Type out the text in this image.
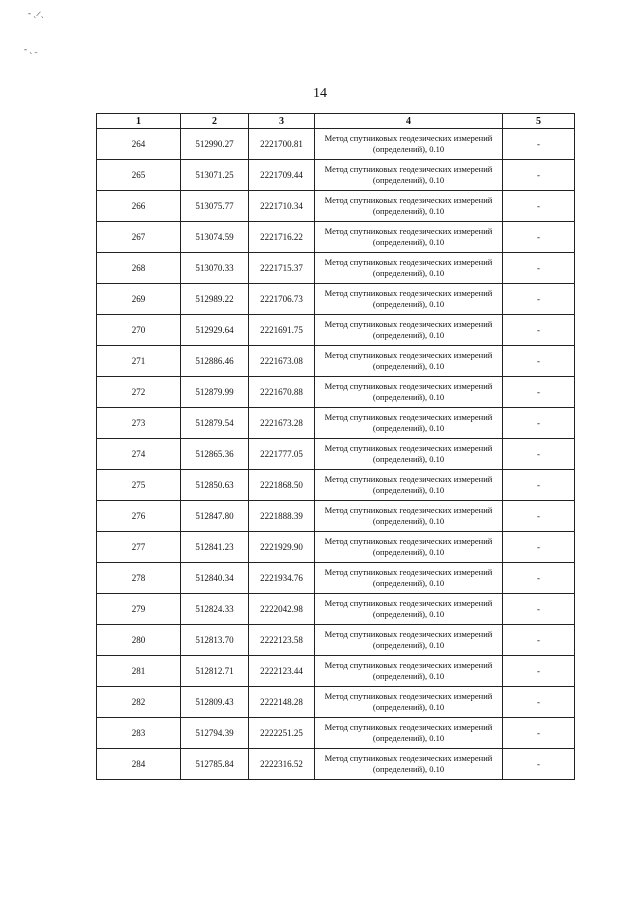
‐ ˏ ̷ ˎ
‐ ˏ ˍ
14
1	2	3	4	5
264	512990.27	2221700.81	Метод спутниковых геодезических измерений (определений), 0.10	-
265	513071.25	2221709.44	Метод спутниковых геодезических измерений (определений), 0.10	-
266	513075.77	2221710.34	Метод спутниковых геодезических измерений (определений), 0.10	-
267	513074.59	2221716.22	Метод спутниковых геодезических измерений (определений), 0.10	-
268	513070.33	2221715.37	Метод спутниковых геодезических измерений (определений), 0.10	-
269	512989.22	2221706.73	Метод спутниковых геодезических измерений (определений), 0.10	-
270	512929.64	2221691.75	Метод спутниковых геодезических измерений (определений), 0.10	-
271	512886.46	2221673.08	Метод спутниковых геодезических измерений (определений), 0.10	-
272	512879.99	2221670.88	Метод спутниковых геодезических измерений (определений), 0.10	-
273	512879.54	2221673.28	Метод спутниковых геодезических измерений (определений), 0.10	-
274	512865.36	2221777.05	Метод спутниковых геодезических измерений (определений), 0.10	-
275	512850.63	2221868.50	Метод спутниковых геодезических измерений (определений), 0.10	-
276	512847.80	2221888.39	Метод спутниковых геодезических измерений (определений), 0.10	-
277	512841.23	2221929.90	Метод спутниковых геодезических измерений (определений), 0.10	-
278	512840.34	2221934.76	Метод спутниковых геодезических измерений (определений), 0.10	-
279	512824.33	2222042.98	Метод спутниковых геодезических измерений (определений), 0.10	-
280	512813.70	2222123.58	Метод спутниковых геодезических измерений (определений), 0.10	-
281	512812.71	2222123.44	Метод спутниковых геодезических измерений (определений), 0.10	-
282	512809.43	2222148.28	Метод спутниковых геодезических измерений (определений), 0.10	-
283	512794.39	2222251.25	Метод спутниковых геодезических измерений (определений), 0.10	-
284	512785.84	2222316.52	Метод спутниковых геодезических измерений (определений), 0.10	-
